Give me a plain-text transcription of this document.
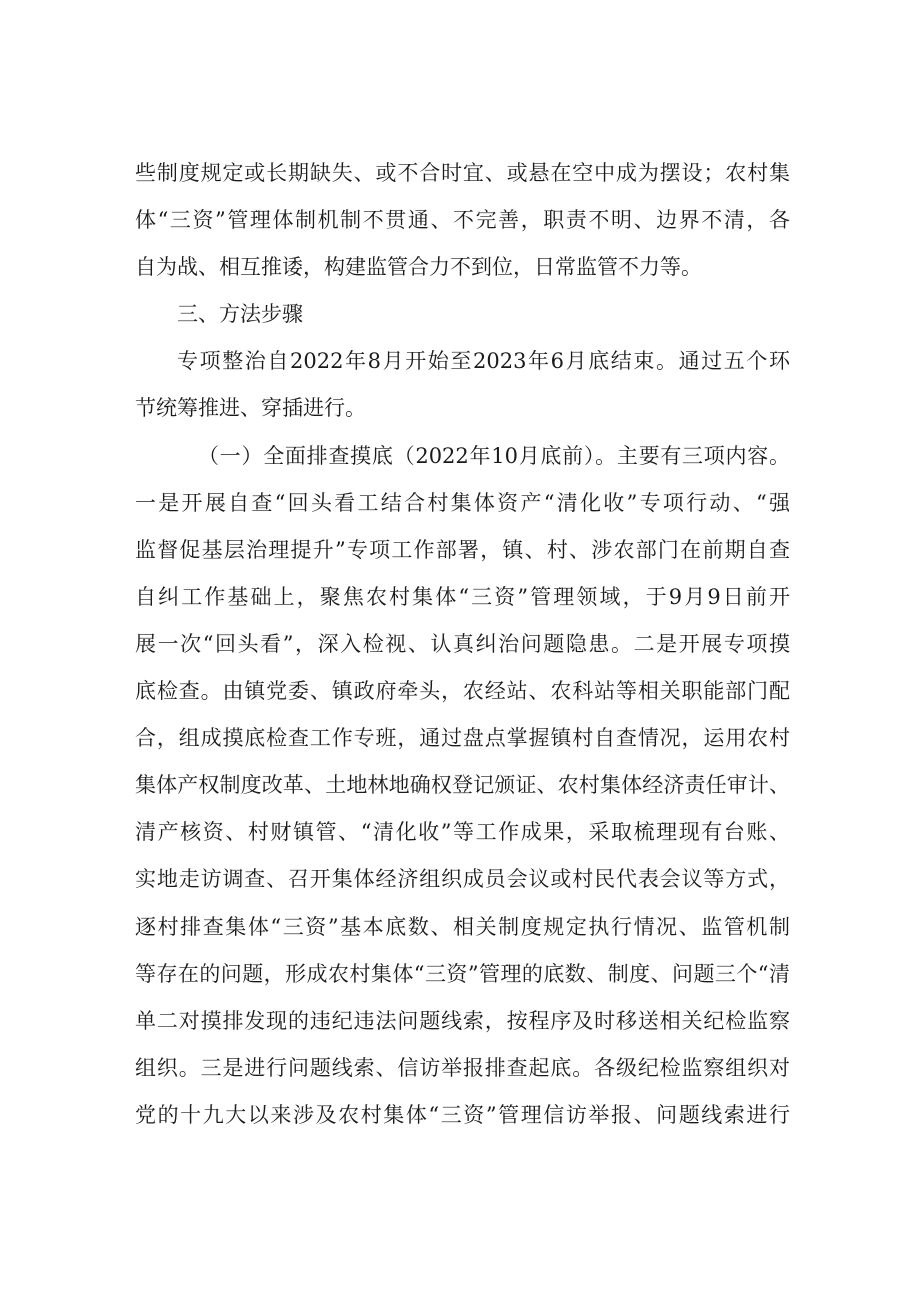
些制度规定或长期缺失、或不合时宜、或悬在空中成为摆设；农村集
体“三资”管理体制机制不贯通、不完善，职责不明、边界不清，各
自为战、相互推诿，构建监管合力不到位，日常监管不力等。
三、方法步骤
专项整治自2022年8月开始至2023年6月底结束。通过五个环
节统筹推进、穿插进行。
（一）全面排查摸底（2022年10月底前）。主要有三项内容。
一是开展自查“回头看工结合村集体资产“清化收”专项行动、“强
监督促基层治理提升”专项工作部署，镇、村、涉农部门在前期自查
自纠工作基础上，聚焦农村集体“三资”管理领域，于9月9日前开
展一次“回头看”，深入检视、认真纠治问题隐患。二是开展专项摸
底检查。由镇党委、镇政府牵头，农经站、农科站等相关职能部门配
合，组成摸底检查工作专班，通过盘点掌握镇村自查情况，运用农村
集体产权制度改革、土地林地确权登记颁证、农村集体经济责任审计、
清产核资、村财镇管、“清化收”等工作成果，采取梳理现有台账、
实地走访调查、召开集体经济组织成员会议或村民代表会议等方式，
逐村排查集体“三资”基本底数、相关制度规定执行情况、监管机制
等存在的问题，形成农村集体“三资”管理的底数、制度、问题三个“清
单二对摸排发现的违纪违法问题线索，按程序及时移送相关纪检监察
组织。三是进行问题线索、信访举报排查起底。各级纪检监察组织对
党的十九大以来涉及农村集体“三资”管理信访举报、问题线索进行
